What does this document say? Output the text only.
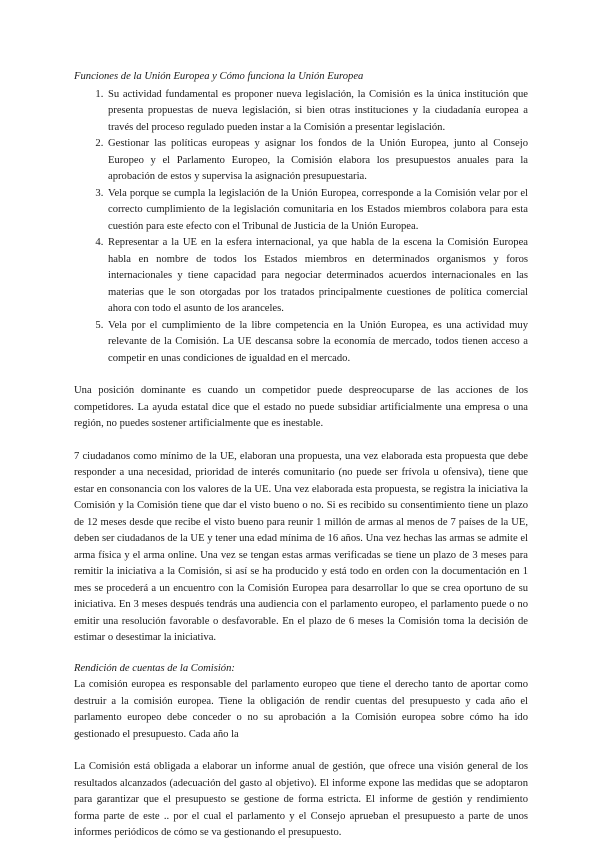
Funciones de la Unión Europea y Cómo funciona la Unión Europea

1. Su actividad fundamental es proponer nueva legislación, la Comisión es la única institución que presenta propuestas de nueva legislación, si bien otras instituciones y la ciudadanía europea a través del proceso regulado pueden instar a la Comisión a presentar legislación.
2. Gestionar las políticas europeas y asignar los fondos de la Unión Europea, junto al Consejo Europeo y el Parlamento Europeo, la Comisión elabora los presupuestos anuales para la aprobación de estos y supervisa la asignación presupuestaria.
3. Vela porque se cumpla la legislación de la Unión Europea, corresponde a la Comisión velar por el correcto cumplimiento de la legislación comunitaria en los Estados miembros colabora para esta cuestión para este efecto con el Tribunal de Justicia de la Unión Europea.
4. Representar a la UE en la esfera internacional, ya que habla de la escena la Comisión Europea habla en nombre de todos los Estados miembros en determinados organismos y foros internacionales y tiene capacidad para negociar determinados acuerdos internacionales en las materias que le son otorgadas por los tratados principalmente cuestiones de política comercial ahora con todo el asunto de los aranceles.
5. Vela por el cumplimiento de la libre competencia en la Unión Europea, es una actividad muy relevante de la Comisión. La UE descansa sobre la economía de mercado, todos tienen acceso a competir en unas condiciones de igualdad en el mercado.

Una posición dominante es cuando un competidor puede despreocuparse de las acciones de los competidores. La ayuda estatal dice que el estado no puede subsidiar artificialmente una empresa o una región, no puedes sostener artificialmente que es inestable.

7 ciudadanos como mínimo de la UE, elaboran una propuesta, una vez elaborada esta propuesta que debe responder a una necesidad, prioridad de interés comunitario (no puede ser frívola u ofensiva), tiene que estar en consonancia con los valores de la UE. Una vez elaborada esta propuesta, se registra la iniciativa la Comisión y la Comisión tiene que dar el visto bueno o no. Si es recibido su consentimiento tiene un plazo de 12 meses desde que recibe el visto bueno para reunir 1 millón de armas al menos de 7 países de la UE, deben ser ciudadanos de la UE y tener una edad mínima de 16 años. Una vez hechas las armas se admite el arma física y el arma online. Una vez se tengan estas armas verificadas se tiene un plazo de 3 meses para remitir la iniciativa a la Comisión, si así se ha producido y está todo en orden con la documentación en 1 mes se procederá a un encuentro con la Comisión Europea para desarrollar lo que se crea oportuno de su iniciativa. En 3 meses después tendrás una audiencia con el parlamento europeo, el parlamento puede o no emitir una resolución favorable o desfavorable. En el plazo de 6 meses la Comisión toma la decisión de estimar o desestimar la iniciativa.

Rendición de cuentas de la Comisión:

La comisión europea es responsable del parlamento europeo que tiene el derecho tanto de aportar como destruir a la comisión europea. Tiene la obligación de rendir cuentas del presupuesto y cada año el parlamento europeo debe conceder o no su aprobación a la Comisión europea sobre cómo ha ido gestionado el presupuesto. Cada año la

La Comisión está obligada a elaborar un informe anual de gestión, que ofrece una visión general de los resultados alcanzados (adecuación del gasto al objetivo). El informe expone las medidas que se adoptaron para garantizar que el presupuesto se gestione de forma estricta. El informe de gestión y rendimiento forma parte de este .. por el cual el parlamento y el Consejo aprueban el presupuesto a parte de unos informes periódicos de cómo se va gestionando el presupuesto.
